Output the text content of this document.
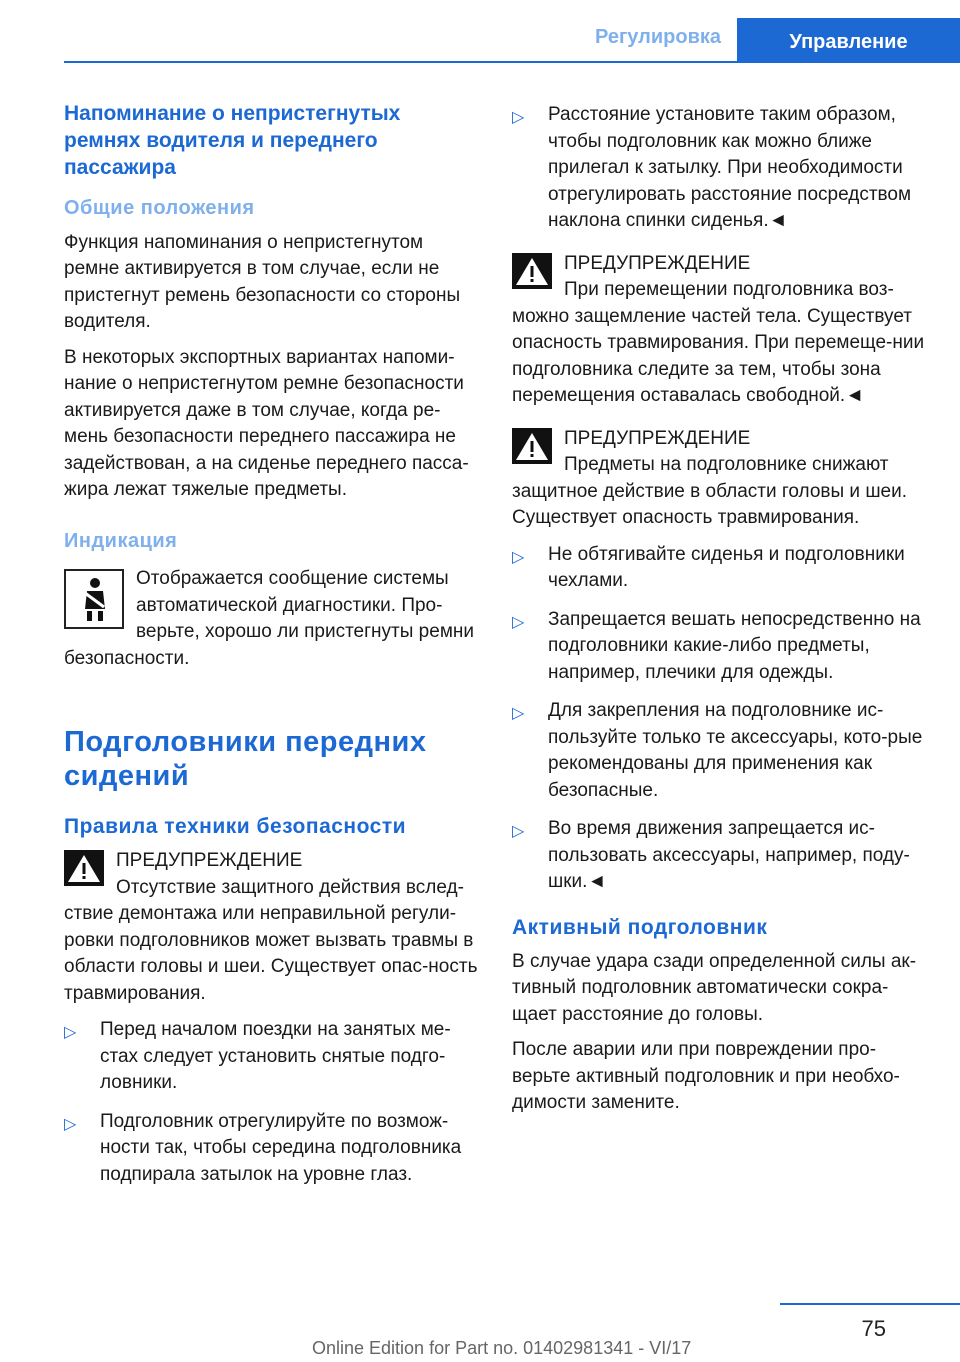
Регулировка	Управление
Напоминание о непристегнутых ремнях водителя и переднего пассажира
Общие положения

Функция напоминания о непристегнутом ремне активируется в том случае, если не пристегнут ремень безопасности со стороны водителя.

В некоторых экспортных вариантах напоми-нание о непристегнутом ремне безопасности активируется даже в том случае, когда ре-мень безопасности переднего пассажира не задействован, а на сиденье переднего пасса-жира лежат тяжелые предметы.

Индикация

Отображается сообщение системы автоматической диагностики. Про-верьте, хорошо ли пристегнуты ремни безопасности.

Подголовники передних сидений
Правила техники безопасности
ПРЕДУПРЕЖДЕНИЕ
Отсутствие защитного действия вслед-
ствие демонтажа или неправильной регули-ровки подголовников может вызвать травмы в области головы и шеи. Существует опас-ность травмирования.
▷ Перед началом поездки на занятых ме-стах следует установить снятые подго-ловники.
▷ Подголовник отрегулируйте по возмож-ности так, чтобы середина подголовника подпирала затылок на уровне глаз.
▷ Расстояние установите таким образом, чтобы подголовник как можно ближе прилегал к затылку. При необходимости отрегулировать расстояние посредством наклона спинки сиденья.◄
ПРЕДУПРЕЖДЕНИЕ
При перемещении подголовника воз-
можно защемление частей тела. Существует опасность травмирования. При перемеще-нии подголовника следите за тем, чтобы зона перемещения оставалась свободной.◄
ПРЕДУПРЕЖДЕНИЕ
Предметы на подголовнике снижают
защитное действие в области головы и шеи. Существует опасность травмирования.
▷ Не обтягивайте сиденья и подголовники чехлами.
▷ Запрещается вешать непосредственно на подголовники какие-либо предметы, например, плечики для одежды.
▷ Для закрепления на подголовнике ис-пользуйте только те аксессуары, кото-рые рекомендованы для применения как безопасные.
▷ Во время движения запрещается ис-пользовать аксессуары, например, поду-шки.◄
Активный подголовник

В случае удара сзади определенной силы ак-тивный подголовник автоматически сокра-щает расстояние до головы.

После аварии или при повреждении про-верьте активный подголовник и при необхо-димости замените.

75
Online Edition for Part no. 01402981341 - VI/17
